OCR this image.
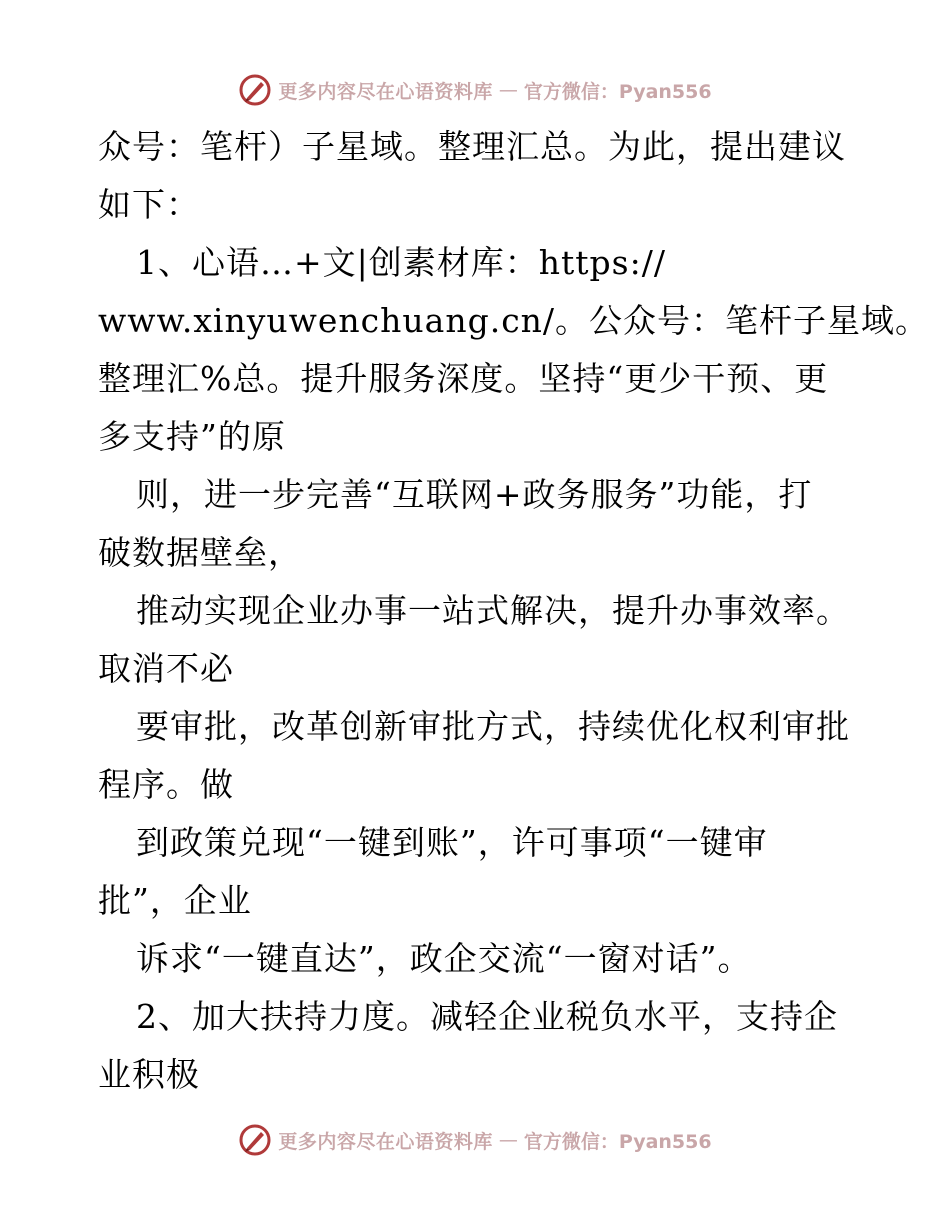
更多内容尽在心语资料库 — 官方微信：Pyan556
众号：笔杆）子星域。整理汇总。为此，提出建议
如下：
1、心语…+文|创素材库：https://
www.xinyuwenchuang.cn/。公众号：笔杆子星域。
整理汇%总。提升服务深度。坚持“更少干预、更
多支持”的原
则，进一步完善“互联网+政务服务”功能，打
破数据壁垒，
推动实现企业办事一站式解决，提升办事效率。
取消不必
要审批，改革创新审批方式，持续优化权利审批
程序。做
到政策兑现“一键到账”，许可事项“一键审
批”，企业
诉求“一键直达”，政企交流“一窗对话”。
2、加大扶持力度。减轻企业税负水平，支持企
业积极
更多内容尽在心语资料库 — 官方微信：Pyan556
